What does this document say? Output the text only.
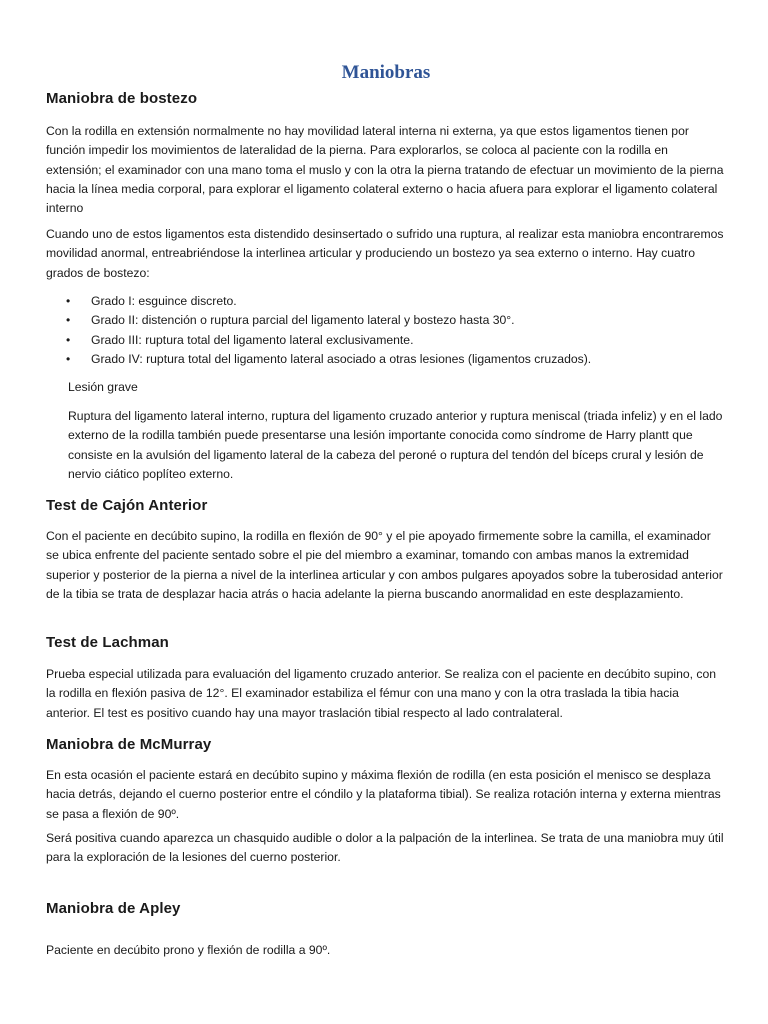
Maniobras
Maniobra de bostezo

Con la rodilla en extensión normalmente no hay movilidad lateral interna ni externa, ya que estos ligamentos tienen por función impedir los movimientos de lateralidad de la pierna. Para explorarlos, se coloca al paciente con la rodilla en extensión; el examinador con una mano toma el muslo y con la otra la pierna tratando de efectuar un movimiento de la pierna hacia la línea media corporal, para explorar el ligamento colateral externo o hacia afuera para explorar el ligamento colateral interno

Cuando uno de estos ligamentos esta distendido desinsertado o sufrido una ruptura, al realizar esta maniobra encontraremos movilidad anormal, entreabriéndose la interlinea articular y produciendo un bostezo ya sea externo o interno. Hay cuatro grados de bostezo:

• Grado I: esguince discreto.
• Grado II: distención o ruptura parcial del ligamento lateral y bostezo hasta 30°.
• Grado III: ruptura total del ligamento lateral exclusivamente.
• Grado IV: ruptura total del ligamento lateral asociado a otras lesiones (ligamentos cruzados).

Lesión grave

Ruptura del ligamento lateral interno, ruptura del ligamento cruzado anterior y ruptura meniscal (triada infeliz) y en el lado externo de la rodilla también puede presentarse una lesión importante conocida como síndrome de Harry plantt que consiste en la avulsión del ligamento lateral de la cabeza del peroné o ruptura del tendón del bíceps crural y lesión de nervio ciático poplíteo externo.

Test de Cajón Anterior

Con el paciente en decúbito supino, la rodilla en flexión de 90° y el pie apoyado firmemente sobre la camilla, el examinador se ubica enfrente del paciente sentado sobre el pie del miembro a examinar, tomando con ambas manos la extremidad superior y posterior de la pierna a nivel de la interlinea articular y con ambos pulgares apoyados sobre la tuberosidad anterior de la tibia se trata de desplazar hacia atrás o hacia adelante la pierna buscando anormalidad en este desplazamiento.

Test de Lachman

Prueba especial utilizada para evaluación del ligamento cruzado anterior. Se realiza con el paciente en decúbito supino, con la rodilla en flexión pasiva de 12°. El examinador estabiliza el fémur con una mano y con la otra traslada la tibia hacia anterior. El test es positivo cuando hay una mayor traslación tibial respecto al lado contralateral.

Maniobra de McMurray

En esta ocasión el paciente estará en decúbito supino y máxima flexión de rodilla (en esta posición el menisco se desplaza hacia detrás, dejando el cuerno posterior entre el cóndilo y la plataforma tibial). Se realiza rotación interna y externa mientras se pasa a flexión de 90º.

Será positiva cuando aparezca un chasquido audible o dolor a la palpación de la interlinea. Se trata de una maniobra muy útil para la exploración de la lesiones del cuerno posterior.

Maniobra de Apley

Paciente en decúbito prono y flexión de rodilla a 90º.
